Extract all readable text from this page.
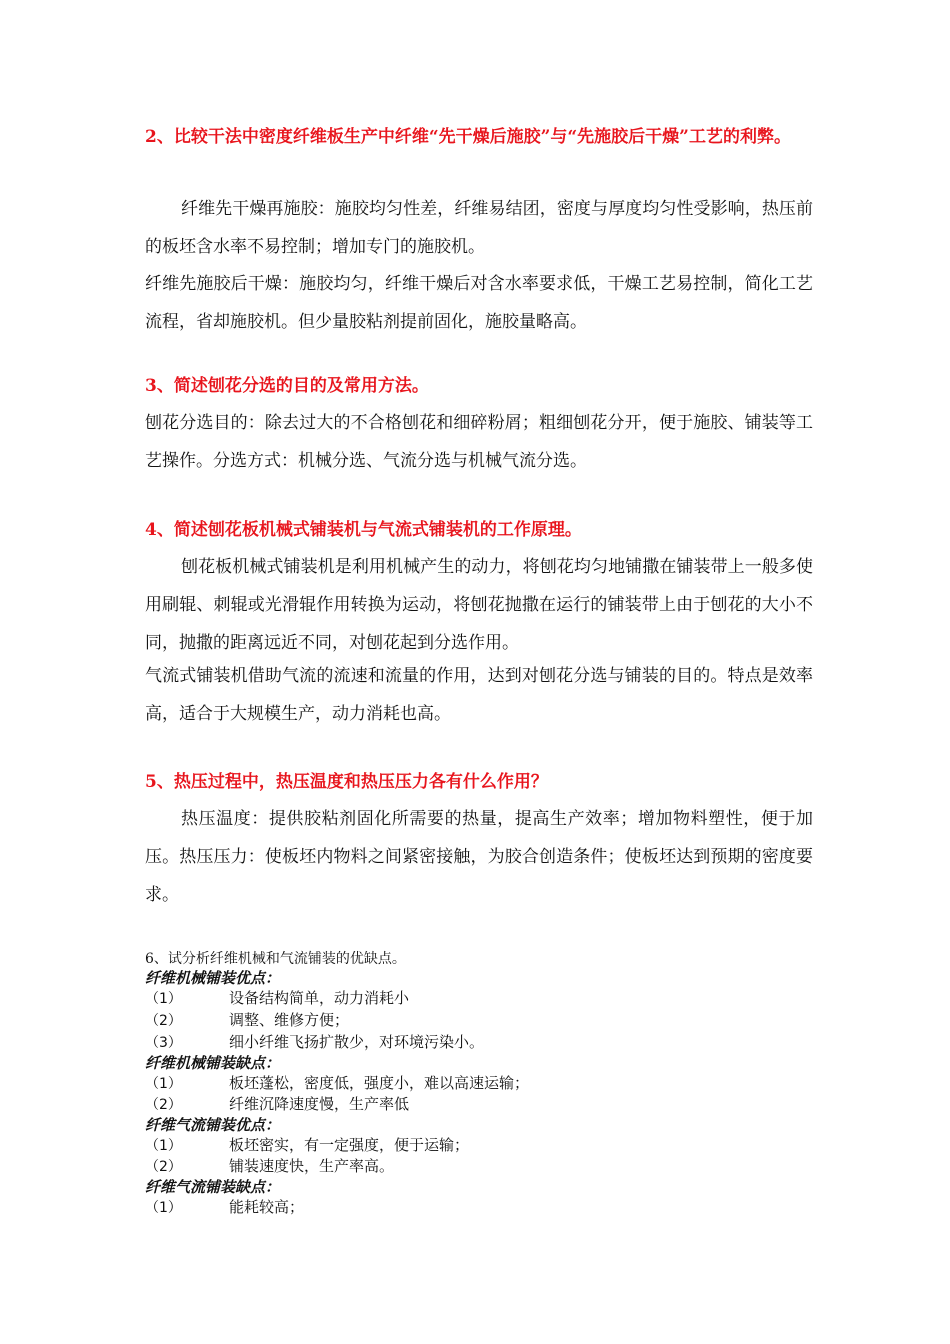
2、比较干法中密度纤维板生产中纤维“先干燥后施胶”与“先施胶后干燥”工艺的利弊。

纤维先干燥再施胶：施胶均匀性差，纤维易结团，密度与厚度均匀性受影响，热压前的板坯含水率不易控制；增加专门的施胶机。

纤维先施胶后干燥：施胶均匀，纤维干燥后对含水率要求低，干燥工艺易控制，简化工艺流程，省却施胶机。但少量胶粘剂提前固化，施胶量略高。

3、简述刨花分选的目的及常用方法。

刨花分选目的：除去过大的不合格刨花和细碎粉屑；粗细刨花分开，便于施胶、铺装等工艺操作。分选方式：机械分选、气流分选与机械气流分选。

4、简述刨花板机械式铺装机与气流式铺装机的工作原理。

刨花板机械式铺装机是利用机械产生的动力，将刨花均匀地铺撒在铺装带上一般多使用刷辊、刺辊或光滑辊作用转换为运动，将刨花抛撒在运行的铺装带上由于刨花的大小不同，抛撒的距离远近不同，对刨花起到分选作用。

气流式铺装机借助气流的流速和流量的作用，达到对刨花分选与铺装的目的。特点是效率高，适合于大规模生产，动力消耗也高。

5、热压过程中，热压温度和热压压力各有什么作用？

热压温度：提供胶粘剂固化所需要的热量，提高生产效率；增加物料塑性，便于加压。热压压力：使板坯内物料之间紧密接触，为胶合创造条件；使板坯达到预期的密度要求。

6、试分析纤维机械和气流铺装的优缺点。

纤维机械铺装优点：

（1）	设备结构简单，动力消耗小

（2）	调整、维修方便；

（3）	细小纤维飞扬扩散少，对环境污染小。

纤维机械铺装缺点：

（1）	板坯蓬松，密度低，强度小，难以高速运输；

（2）	纤维沉降速度慢，生产率低

纤维气流铺装优点：

（1）	板坯密实，有一定强度，便于运输；

（2）	铺装速度快，生产率高。

纤维气流铺装缺点：

（1）	能耗较高；
